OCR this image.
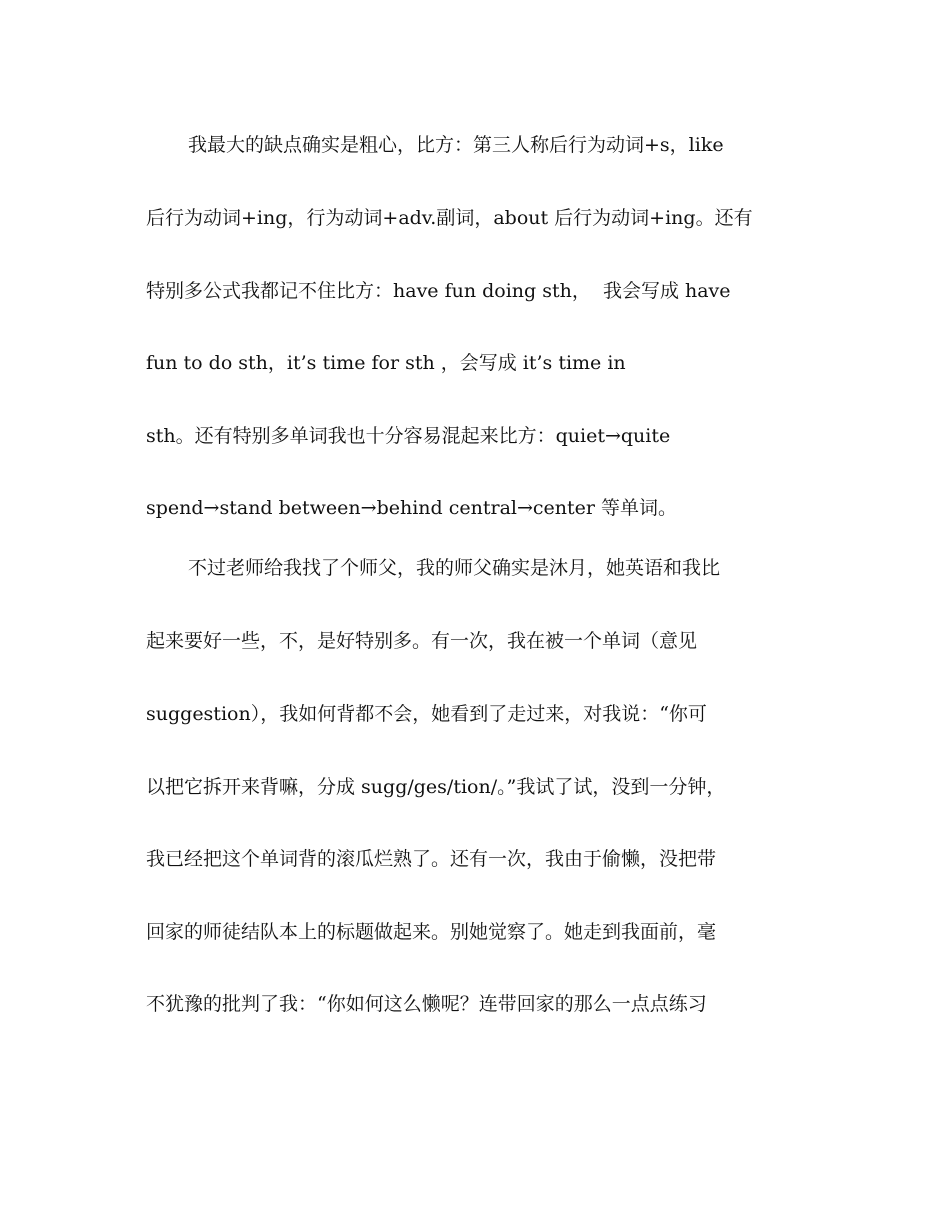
我最大的缺点确实是粗心，比方：第三人称后行为动词+s，like
后行为动词+ing，行为动词+adv.副词，about 后行为动词+ing。还有
特别多公式我都记不住比方：have fun doing sth，  我会写成 have
fun to do sth，it’s time for sth ，会写成 it’s time in
sth。还有特别多单词我也十分容易混起来比方：quiet→quite
spend→stand between→behind central→center 等单词。
不过老师给我找了个师父，我的师父确实是沐月，她英语和我比
起来要好一些，不，是好特别多。有一次，我在被一个单词（意见
suggestion），我如何背都不会，她看到了走过来，对我说：“你可
以把它拆开来背嘛，分成 sugg/ges/tion/。”我试了试，没到一分钟，
我已经把这个单词背的滚瓜烂熟了。还有一次，我由于偷懒，没把带
回家的师徒结队本上的标题做起来。别她觉察了。她走到我面前，毫
不犹豫的批判了我：“你如何这么懒呢？连带回家的那么一点点练习
